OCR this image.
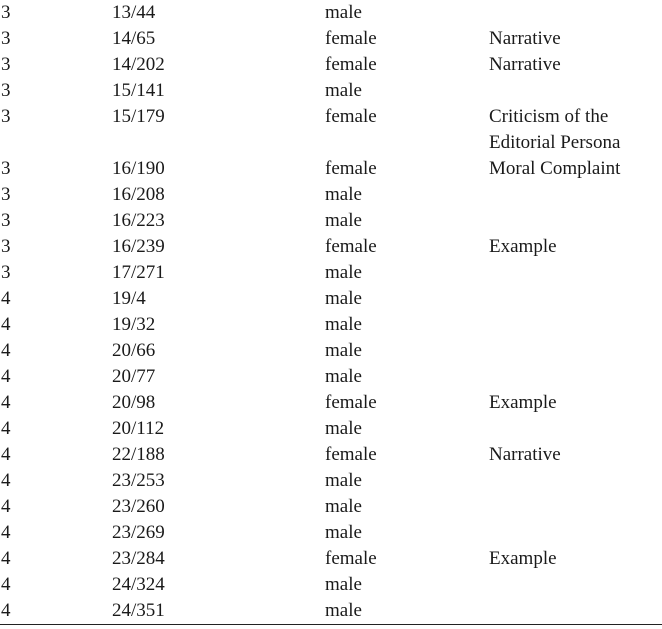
3	13/44	male
3	14/65	female	Narrative
3	14/202	female	Narrative
3	15/141	male
3	15/179	female	Criticism of the
Editorial Persona
3	16/190	female	Moral Complaint
3	16/208	male
3	16/223	male
3	16/239	female	Example
3	17/271	male
4	19/4	male
4	19/32	male
4	20/66	male
4	20/77	male
4	20/98	female	Example
4	20/112	male
4	22/188	female	Narrative
4	23/253	male
4	23/260	male
4	23/269	male
4	23/284	female	Example
4	24/324	male
4	24/351	male
